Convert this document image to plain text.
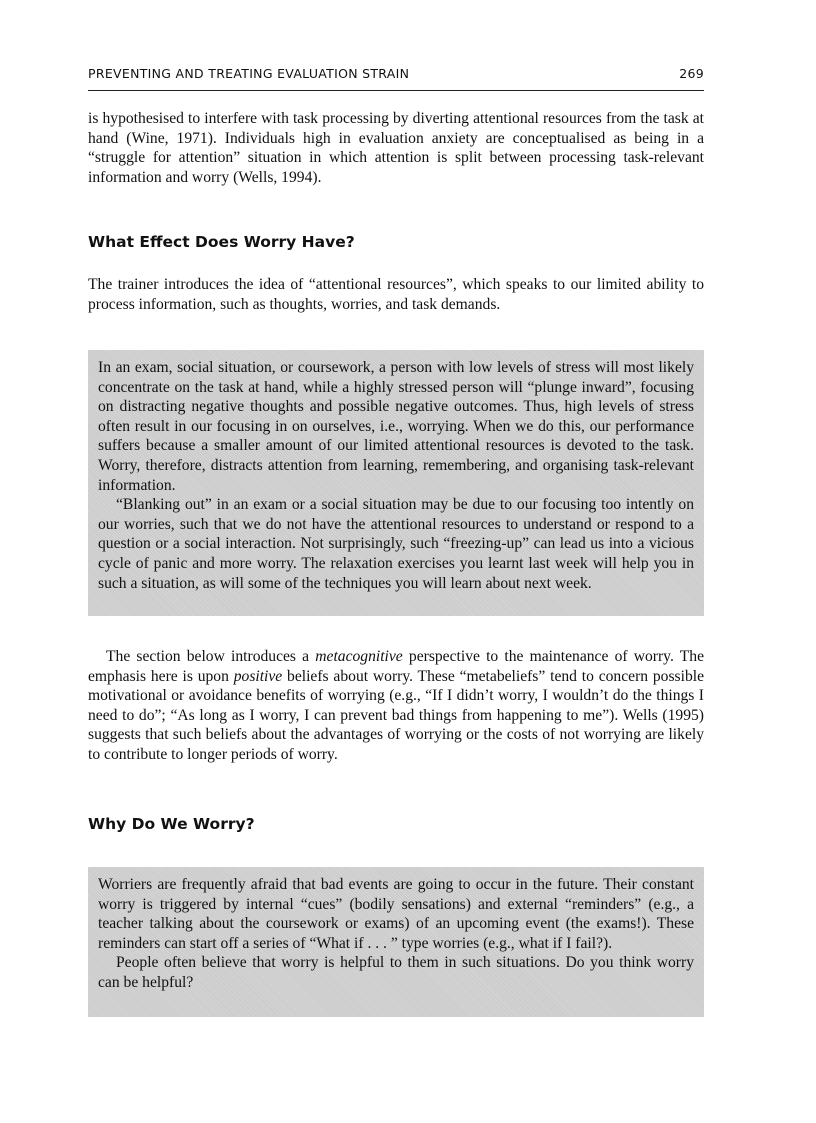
PREVENTING AND TREATING EVALUATION STRAIN	269
is hypothesised to interfere with task processing by diverting attentional resources from the task at hand (Wine, 1971). Individuals high in evaluation anxiety are conceptualised as being in a “struggle for attention” situation in which attention is split between processing task-relevant information and worry (Wells, 1994).
What Effect Does Worry Have?
The trainer introduces the idea of “attentional resources”, which speaks to our limited ability to process information, such as thoughts, worries, and task demands.
In an exam, social situation, or coursework, a person with low levels of stress will most likely concentrate on the task at hand, while a highly stressed person will “plunge inward”, focusing on distracting negative thoughts and possible negative outcomes. Thus, high levels of stress often result in our focusing in on ourselves, i.e., worrying. When we do this, our performance suffers because a smaller amount of our limited attentional resources is devoted to the task. Worry, therefore, distracts attention from learning, remembering, and organising task-relevant information.
“Blanking out” in an exam or a social situation may be due to our focusing too intently on our worries, such that we do not have the attentional resources to understand or respond to a question or a social interaction. Not surprisingly, such “freezing-up” can lead us into a vicious cycle of panic and more worry. The relaxation exercises you learnt last week will help you in such a situation, as will some of the techniques you will learn about next week.
The section below introduces a metacognitive perspective to the maintenance of worry. The emphasis here is upon positive beliefs about worry. These “metabeliefs” tend to concern possible motivational or avoidance benefits of worrying (e.g., “If I didn’t worry, I wouldn’t do the things I need to do”; “As long as I worry, I can prevent bad things from happening to me”). Wells (1995) suggests that such beliefs about the advantages of worrying or the costs of not worrying are likely to contribute to longer periods of worry.
Why Do We Worry?
Worriers are frequently afraid that bad events are going to occur in the future. Their constant worry is triggered by internal “cues” (bodily sensations) and external “reminders” (e.g., a teacher talking about the coursework or exams) of an upcoming event (the exams!). These reminders can start off a series of “What if . . . ” type worries (e.g., what if I fail?).
People often believe that worry is helpful to them in such situations. Do you think worry can be helpful?
